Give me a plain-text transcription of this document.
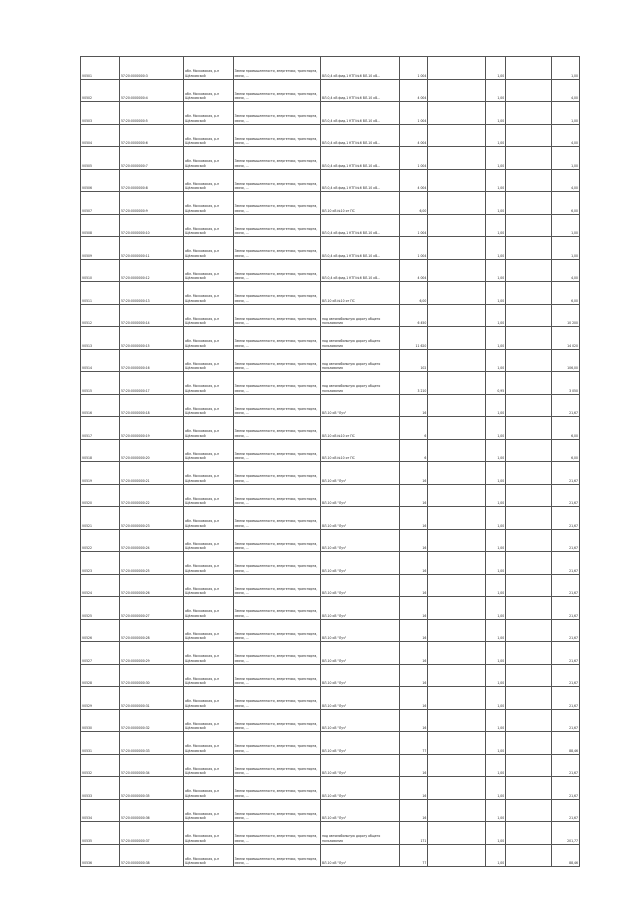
V0501	57:20:0000000:3	обл. Московская, р-н Щёлковский	Земли промышленности, энергетики, транспорта, связи, ...	ВЛ-0,4 кВ фид.1 КТП №6 ВЛ-10 кВ...	1 004		1,00		1,00
V0502	57:20:0000000:4	обл. Московская, р-н Щёлковский	Земли промышленности, энергетики, транспорта, связи, ...	ВЛ-0,4 кВ фид.1 КТП №6 ВЛ-10 кВ...	4 004		1,00		4,00
V0503	57:20:0000000:5	обл. Московская, р-н Щёлковский	Земли промышленности, энергетики, транспорта, связи, ...	ВЛ-0,4 кВ фид.1 КТП №6 ВЛ-10 кВ...	1 004		1,00		1,00
V0504	57:20:0000000:6	обл. Московская, р-н Щёлковский	Земли промышленности, энергетики, транспорта, связи, ...	ВЛ-0,4 кВ фид.1 КТП №6 ВЛ-10 кВ...	4 004		1,00		4,00
V0505	57:20:0000000:7	обл. Московская, р-н Щёлковский	Земли промышленности, энергетики, транспорта, связи, ...	ВЛ-0,4 кВ фид.1 КТП №6 ВЛ-10 кВ...	1 004		1,00		1,00
V0506	57:20:0000000:8	обл. Московская, р-н Щёлковский	Земли промышленности, энергетики, транспорта, связи, ...	ВЛ-0,4 кВ фид.1 КТП №6 ВЛ-10 кВ...	4 004		1,00		4,00
V0507	57:20:0000000:9	обл. Московская, р-н Щёлковский	Земли промышленности, энергетики, транспорта, связи, ...	ВЛ-10 кВ №10 от ПС	6,00		1,00		6,00
V0508	57:20:0000000:10	обл. Московская, р-н Щёлковский	Земли промышленности, энергетики, транспорта, связи, ...	ВЛ-0,4 кВ фид.1 КТП №6 ВЛ-10 кВ...	1 004		1,00		1,00
V0509	57:20:0000000:11	обл. Московская, р-н Щёлковский	Земли промышленности, энергетики, транспорта, связи, ...	ВЛ-0,4 кВ фид.1 КТП №6 ВЛ-10 кВ...	1 004		1,00		1,00
V0510	57:20:0000000:12	обл. Московская, р-н Щёлковский	Земли промышленности, энергетики, транспорта, связи, ...	ВЛ-0,4 кВ фид.1 КТП №6 ВЛ-10 кВ...	4 004		1,00		4,00
V0511	57:20:0000000:13	обл. Московская, р-н Щёлковский	Земли промышленности, энергетики, транспорта, связи, ...	ВЛ-10 кВ №10 от ПС	6,00		1,00		6,00
V0512	57:20:0000000:14	обл. Московская, р-н Щёлковский	Земли промышленности, энергетики, транспорта, связи, ...	под автомобильную дорогу общего пользования	6 450		1,00		10 200
V0513	57:20:0000000:15	обл. Московская, р-н Щёлковский	Земли промышленности, энергетики, транспорта, связи, ...	под автомобильную дорогу общего пользования	11 620		1,00		14 020
V0514	57:20:0000000:16	обл. Московская, р-н Щёлковский	Земли промышленности, энергетики, транспорта, связи, ...	под автомобильную дорогу общего пользования	102		1,00		106,00
V0515	57:20:0000000:17	обл. Московская, р-н Щёлковский	Земли промышленности, энергетики, транспорта, связи, ...	под автомобильную дорогу общего пользования	3 210		0,95		3 050
V0516	57:20:0000000:18	обл. Московская, р-н Щёлковский	Земли промышленности, энергетики, транспорта, связи, ...	ВЛ-10 кВ "Луч"	16		1,00		21,67
V0517	57:20:0000000:19	обл. Московская, р-н Щёлковский	Земли промышленности, энергетики, транспорта, связи, ...	ВЛ-10 кВ №10 от ПС	6		1,00		6,00
V0518	57:20:0000000:20	обл. Московская, р-н Щёлковский	Земли промышленности, энергетики, транспорта, связи, ...	ВЛ-10 кВ №10 от ПС	6		1,00		6,00
V0519	57:20:0000000:21	обл. Московская, р-н Щёлковский	Земли промышленности, энергетики, транспорта, связи, ...	ВЛ-10 кВ "Луч"	16		1,00		21,67
V0520	57:20:0000000:22	обл. Московская, р-н Щёлковский	Земли промышленности, энергетики, транспорта, связи, ...	ВЛ-10 кВ "Луч"	16		1,00		21,67
V0521	57:20:0000000:23	обл. Московская, р-н Щёлковский	Земли промышленности, энергетики, транспорта, связи, ...	ВЛ-10 кВ "Луч"	16		1,00		21,67
V0522	57:20:0000000:24	обл. Московская, р-н Щёлковский	Земли промышленности, энергетики, транспорта, связи, ...	ВЛ-10 кВ "Луч"	16		1,00		21,67
V0523	57:20:0000000:25	обл. Московская, р-н Щёлковский	Земли промышленности, энергетики, транспорта, связи, ...	ВЛ-10 кВ "Луч"	16		1,00		21,67
V0524	57:20:0000000:26	обл. Московская, р-н Щёлковский	Земли промышленности, энергетики, транспорта, связи, ...	ВЛ-10 кВ "Луч"	16		1,00		21,67
V0525	57:20:0000000:27	обл. Московская, р-н Щёлковский	Земли промышленности, энергетики, транспорта, связи, ...	ВЛ-10 кВ "Луч"	16		1,00		21,67
V0526	57:20:0000000:28	обл. Московская, р-н Щёлковский	Земли промышленности, энергетики, транспорта, связи, ...	ВЛ-10 кВ "Луч"	16		1,00		21,67
V0527	57:20:0000000:29	обл. Московская, р-н Щёлковский	Земли промышленности, энергетики, транспорта, связи, ...	ВЛ-10 кВ "Луч"	16		1,00		21,67
V0528	57:20:0000000:30	обл. Московская, р-н Щёлковский	Земли промышленности, энергетики, транспорта, связи, ...	ВЛ-10 кВ "Луч"	16		1,00		21,67
V0529	57:20:0000000:31	обл. Московская, р-н Щёлковский	Земли промышленности, энергетики, транспорта, связи, ...	ВЛ-10 кВ "Луч"	16		1,00		21,67
V0530	57:20:0000000:32	обл. Московская, р-н Щёлковский	Земли промышленности, энергетики, транспорта, связи, ...	ВЛ-10 кВ "Луч"	16		1,00		21,67
V0531	57:20:0000000:33	обл. Московская, р-н Щёлковский	Земли промышленности, энергетики, транспорта, связи, ...	ВЛ-10 кВ "Луч"	77		1,00		88,46
V0532	57:20:0000000:34	обл. Московская, р-н Щёлковский	Земли промышленности, энергетики, транспорта, связи, ...	ВЛ-10 кВ "Луч"	16		1,00		21,67
V0533	57:20:0000000:35	обл. Московская, р-н Щёлковский	Земли промышленности, энергетики, транспорта, связи, ...	ВЛ-10 кВ "Луч"	16		1,00		21,67
V0534	57:20:0000000:36	обл. Московская, р-н Щёлковский	Земли промышленности, энергетики, транспорта, связи, ...	ВЛ-10 кВ "Луч"	16		1,00		21,67
V0535	57:20:0000000:37	обл. Московская, р-н Щёлковский	Земли промышленности, энергетики, транспорта, связи, ...	под автомобильную дорогу общего пользования	171		1,00		201,77
V0536	57:20:0000000:38	обл. Московская, р-н Щёлковский	Земли промышленности, энергетики, транспорта, связи, ...	ВЛ-10 кВ "Луч"	77		1,00		88,46
